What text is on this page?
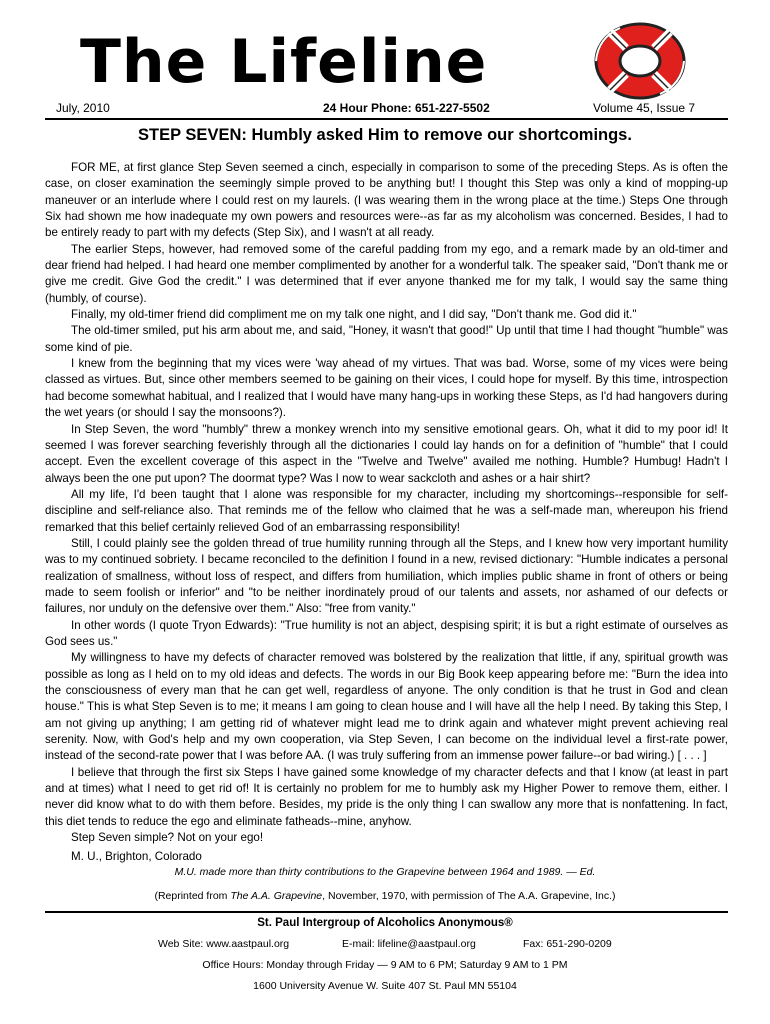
The Lifeline
July, 2010	24 Hour Phone: 651-227-5502	Volume 45, Issue 7
STEP SEVEN: Humbly asked Him to remove our shortcomings.

FOR ME, at first glance Step Seven seemed a cinch, especially in comparison to some of the preceding Steps. As is often the case, on closer examination the seemingly simple proved to be anything but! I thought this Step was only a kind of mopping-up maneuver or an interlude where I could rest on my laurels. (I was wearing them in the wrong place at the time.) Steps One through Six had shown me how inadequate my own powers and resources were--as far as my alcoholism was concerned. Besides, I had to be entirely ready to part with my defects (Step Six), and I wasn't at all ready.

The earlier Steps, however, had removed some of the careful padding from my ego, and a remark made by an old-timer and dear friend had helped. I had heard one member complimented by another for a wonderful talk. The speaker said, "Don't thank me or give me credit. Give God the credit." I was determined that if ever anyone thanked me for my talk, I would say the same thing (humbly, of course).

Finally, my old-timer friend did compliment me on my talk one night, and I did say, "Don't thank me. God did it."

The old-timer smiled, put his arm about me, and said, "Honey, it wasn't that good!" Up until that time I had thought "humble" was some kind of pie.

I knew from the beginning that my vices were 'way ahead of my virtues. That was bad. Worse, some of my vices were being classed as virtues. But, since other members seemed to be gaining on their vices, I could hope for myself. By this time, introspection had become somewhat habitual, and I realized that I would have many hang-ups in working these Steps, as I'd had hangovers during the wet years (or should I say the monsoons?).

In Step Seven, the word "humbly" threw a monkey wrench into my sensitive emotional gears. Oh, what it did to my poor id! It seemed I was forever searching feverishly through all the dictionaries I could lay hands on for a definition of "humble" that I could accept. Even the excellent coverage of this aspect in the "Twelve and Twelve" availed me nothing. Humble? Humbug! Hadn't I always been the one put upon? The doormat type? Was I now to wear sackcloth and ashes or a hair shirt?

All my life, I'd been taught that I alone was responsible for my character, including my shortcomings--responsible for self-discipline and self-reliance also. That reminds me of the fellow who claimed that he was a self-made man, whereupon his friend remarked that this belief certainly relieved God of an embarrassing responsibility!

Still, I could plainly see the golden thread of true humility running through all the Steps, and I knew how very important humility was to my continued sobriety. I became reconciled to the definition I found in a new, revised dictionary: "Humble indicates a personal realization of smallness, without loss of respect, and differs from humiliation, which implies public shame in front of others or being made to seem foolish or inferior" and "to be neither inordinately proud of our talents and assets, nor ashamed of our defects or failures, nor unduly on the defensive over them." Also: "free from vanity."

In other words (I quote Tryon Edwards): "True humility is not an abject, despising spirit; it is but a right estimate of ourselves as God sees us."

My willingness to have my defects of character removed was bolstered by the realization that little, if any, spiritual growth was possible as long as I held on to my old ideas and defects. The words in our Big Book keep appearing before me: "Burn the idea into the consciousness of every man that he can get well, regardless of anyone. The only condition is that he trust in God and clean house." This is what Step Seven is to me; it means I am going to clean house and I will have all the help I need. By taking this Step, I am not giving up anything; I am getting rid of whatever might lead me to drink again and whatever might prevent achieving real serenity. Now, with God's help and my own cooperation, via Step Seven, I can become on the individual level a first-rate power, instead of the second-rate power that I was before AA. (I was truly suffering from an immense power failure--or bad wiring.) [ . . . ]

I believe that through the first six Steps I have gained some knowledge of my character defects and that I know (at least in part and at times) what I need to get rid of! It is certainly no problem for me to humbly ask my Higher Power to remove them, either. I never did know what to do with them before. Besides, my pride is the only thing I can swallow any more that is nonfattening. In fact, this diet tends to reduce the ego and eliminate fatheads--mine, anyhow.

Step Seven simple? Not on your ego!

M. U., Brighton, Colorado

M.U. made more than thirty contributions to the Grapevine between 1964 and 1989. — Ed.
(Reprinted from The A.A. Grapevine, November, 1970, with permission of The A.A. Grapevine, Inc.)
St. Paul Intergroup of Alcoholics Anonymous®
Web Site: www.aastpaul.org	E-mail: lifeline@aastpaul.org	Fax: 651-290-0209
Office Hours: Monday through Friday — 9 AM to 6 PM; Saturday 9 AM to 1 PM
1600 University Avenue W. Suite 407 St. Paul MN 55104
